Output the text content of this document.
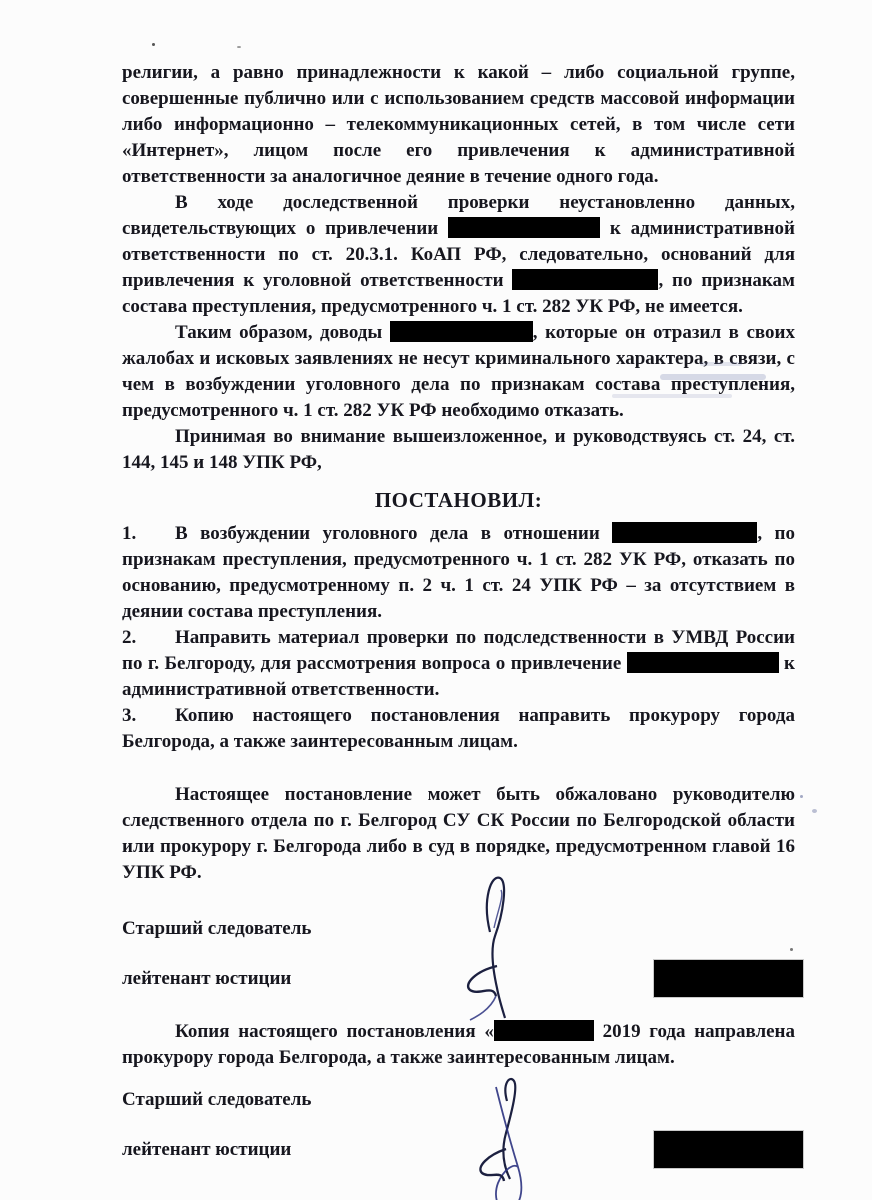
религии, а равно принадлежности к какой – либо социальной группе, совершенные публично или с использованием средств массовой информации либо информационно – телекоммуникационных сетей, в том числе сети «Интернет», лицом после его привлечения к административной ответственности за аналогичное деяние в течение одного года.

В ходе доследственной проверки неустановленно данных, свидетельствующих о привлечении	к административной ответственности по ст. 20.3.1. КоАП РФ, следовательно, оснований для привлечения к уголовной ответственности	, по признакам состава преступления, предусмотренного ч. 1 ст. 282 УК РФ, не имеется.

Таким образом, доводы	, которые он отразил в своих жалобах и исковых заявлениях не несут криминального характера, в связи, с чем в возбуждении уголовного дела по признакам состава преступления, предусмотренного ч. 1 ст. 282 УК РФ необходимо отказать.

Принимая во внимание вышеизложенное, и руководствуясь ст. 24, ст. 144, 145 и 148 УПК РФ,

ПОСТАНОВИЛ:

1. В возбуждении уголовного дела в отношении	, по признакам преступления, предусмотренного ч. 1 ст. 282 УК РФ, отказать по основанию, предусмотренному п. 2 ч. 1 ст. 24 УПК РФ – за отсутствием в деянии состава преступления.

2. Направить материал проверки по подследственности в УМВД России по г. Белгороду, для рассмотрения вопроса о привлечение	к административной ответственности.

3. Копию настоящего постановления направить прокурору города Белгорода, а также заинтересованным лицам.

Настоящее постановление может быть обжаловано руководителю следственного отдела по г. Белгород СУ СК России по Белгородской области или прокурору г. Белгорода либо в суд в порядке, предусмотренном главой 16 УПК РФ.

Старший следователь
лейтенант юстиции

Копия настоящего постановления «	2019 года направлена прокурору города Белгорода, а также заинтересованным лицам.

Старший следователь
лейтенант юстиции
